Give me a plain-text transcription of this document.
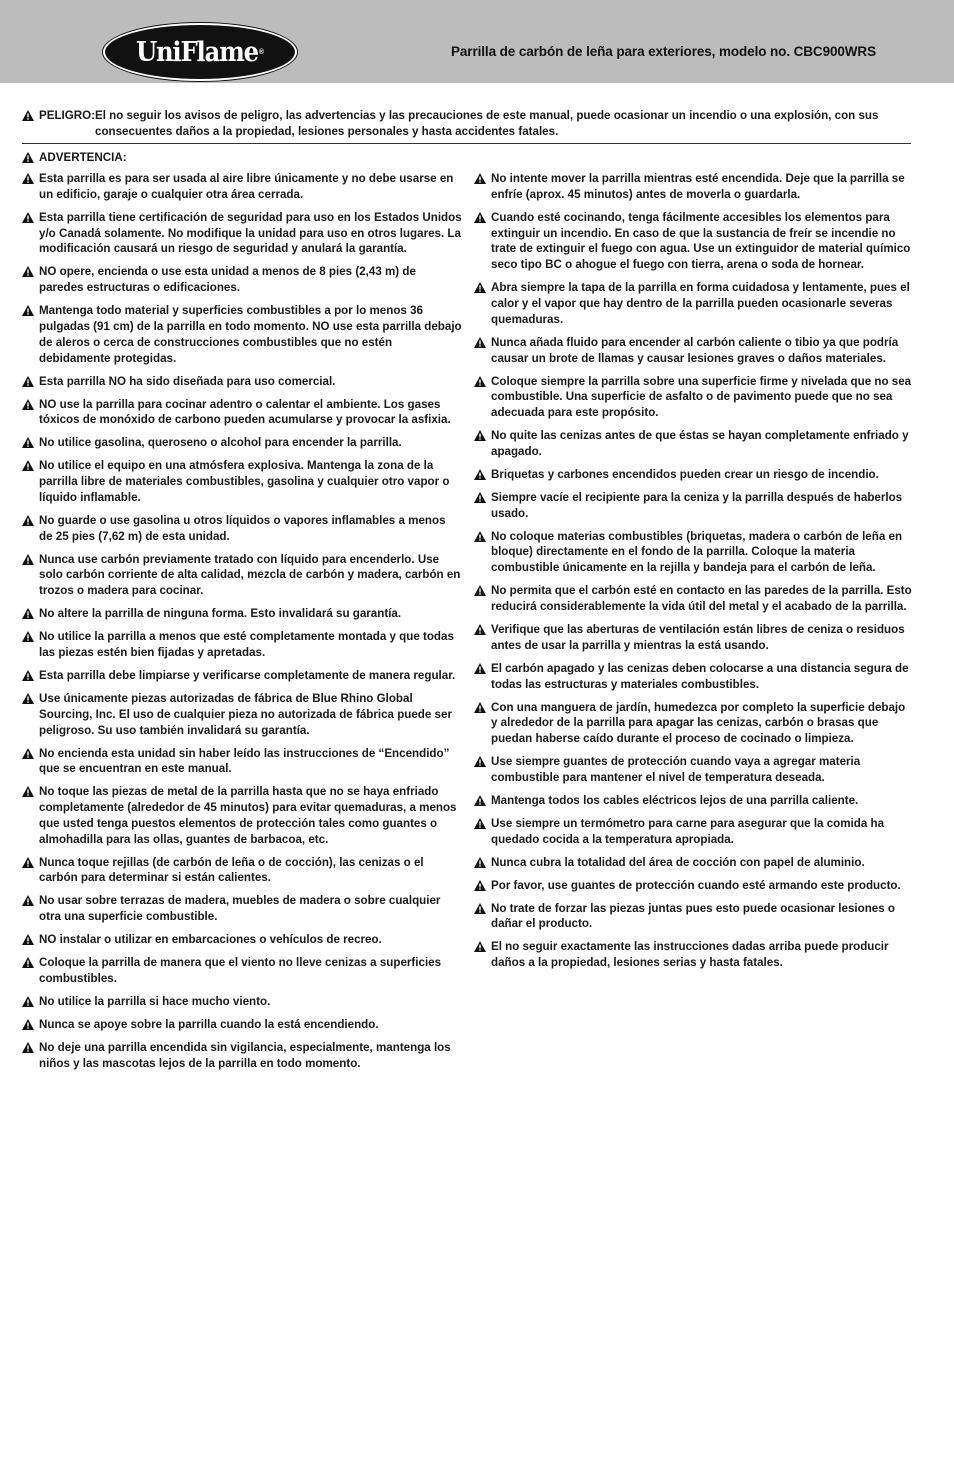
UniFlame ®	Parrilla de carbón de leña para exteriores, modelo no. CBC900WRS
PELIGRO: El no seguir los avisos de peligro, las advertencias y las precauciones de este manual, puede ocasionar un incendio o una explosión, con sus consecuentes daños a la propiedad, lesiones personales y hasta accidentes fatales.
ADVERTENCIA:
Esta parrilla es para ser usada al aire libre únicamente y no debe usarse en un edificio, garaje o cualquier otra área cerrada.
Esta parrilla tiene certificación de seguridad para uso en los Estados Unidos y/o Canadá solamente. No modifique la unidad para uso en otros lugares. La modificación causará un riesgo de seguridad y anulará la garantía.
NO opere, encienda o use esta unidad a menos de 8 pies (2,43 m) de paredes estructuras o edificaciones.
Mantenga todo material y superficies combustibles a por lo menos 36 pulgadas (91 cm) de la parrilla en todo momento. NO use esta parrilla debajo de aleros o cerca de construcciones combustibles que no estén debidamente protegidas.
Esta parrilla NO ha sido diseñada para uso comercial.
NO use la parrilla para cocinar adentro o calentar el ambiente. Los gases tóxicos de monóxido de carbono pueden acumularse y provocar la asfixia.
No utilice gasolina, queroseno o alcohol para encender la parrilla.
No utilice el equipo en una atmósfera explosiva. Mantenga la zona de la parrilla libre de materiales combustibles, gasolina y cualquier otro vapor o líquido inflamable.
No guarde o use gasolina u otros líquidos o vapores inflamables a menos de 25 pies (7,62 m) de esta unidad.
Nunca use carbón previamente tratado con líquido para encenderlo. Use solo carbón corriente de alta calidad, mezcla de carbón y madera, carbón en trozos o madera para cocinar.
No altere la parrilla de ninguna forma. Esto invalidará su garantía.
No utilice la parrilla a menos que esté completamente montada y que todas las piezas estén bien fijadas y apretadas.
Esta parrilla debe limpiarse y verificarse completamente de manera regular.
Use únicamente piezas autorizadas de fábrica de Blue Rhino Global Sourcing, Inc. El uso de cualquier pieza no autorizada de fábrica puede ser peligroso. Su uso también invalidará su garantía.
No encienda esta unidad sin haber leído las instrucciones de “Encendido” que se encuentran en este manual.
No toque las piezas de metal de la parrilla hasta que no se haya enfriado completamente (alrededor de 45 minutos) para evitar quemaduras, a menos que usted tenga puestos elementos de protección tales como guantes o almohadilla para las ollas, guantes de barbacoa, etc.
Nunca toque rejillas (de carbón de leña o de cocción), las cenizas o el carbón para determinar si están calientes.
No usar sobre terrazas de madera, muebles de madera o sobre cualquier otra una superficie combustible.
NO instalar o utilizar en embarcaciones o vehículos de recreo.
Coloque la parrilla de manera que el viento no lleve cenizas a superficies combustibles.
No utilice la parrilla si hace mucho viento.
Nunca se apoye sobre la parrilla cuando la está encendiendo.
No deje una parrilla encendida sin vigilancia, especialmente, mantenga los niños y las mascotas lejos de la parrilla en todo momento.
No intente mover la parrilla mientras esté encendida. Deje que la parrilla se enfríe (aprox. 45 minutos) antes de moverla o guardarla.
Cuando esté cocinando, tenga fácilmente accesibles los elementos para extinguir un incendio. En caso de que la sustancia de freír se incendie no trate de extinguir el fuego con agua. Use un extinguidor de material químico seco tipo BC o ahogue el fuego con tierra, arena o soda de hornear.
Abra siempre la tapa de la parrilla en forma cuidadosa y lentamente, pues el calor y el vapor que hay dentro de la parrilla pueden ocasionarle severas quemaduras.
Nunca añada fluido para encender al carbón caliente o tibio ya que podría causar un brote de llamas y causar lesiones graves o daños materiales.
Coloque siempre la parrilla sobre una superficie firme y nivelada que no sea combustible. Una superficie de asfalto o de pavimento puede que no sea adecuada para este propósito.
No quite las cenizas antes de que éstas se hayan completamente enfriado y apagado.
Briquetas y carbones encendidos pueden crear un riesgo de incendio.
Siempre vacíe el recipiente para la ceniza y la parrilla después de haberlos usado.
No coloque materias combustibles (briquetas, madera o carbón de leña en bloque) directamente en el fondo de la parrilla. Coloque la materia combustible únicamente en la rejilla y bandeja para el carbón de leña.
No permita que el carbón esté en contacto en las paredes de la parrilla. Esto reducirá considerablemente la vida útil del metal y el acabado de la parrilla.
Verifique que las aberturas de ventilación están libres de ceniza o residuos antes de usar la parrilla y mientras la está usando.
El carbón apagado y las cenizas deben colocarse a una distancia segura de todas las estructuras y materiales combustibles.
Con una manguera de jardín, humedezca por completo la superficie debajo y alrededor de la parrilla para apagar las cenizas, carbón o brasas que puedan haberse caído durante el proceso de cocinado o limpieza.
Use siempre guantes de protección cuando vaya a agregar materia combustible para mantener el nivel de temperatura deseada.
Mantenga todos los cables eléctricos lejos de una parrilla caliente.
Use siempre un termómetro para carne para asegurar que la comida ha quedado cocida a la temperatura apropiada.
Nunca cubra la totalidad del área de cocción con papel de aluminio.
Por favor, use guantes de protección cuando esté armando este producto.
No trate de forzar las piezas juntas pues esto puede ocasionar lesiones o dañar el producto.
El no seguir exactamente las instrucciones dadas arriba puede producir daños a la propiedad, lesiones serias y hasta fatales.
